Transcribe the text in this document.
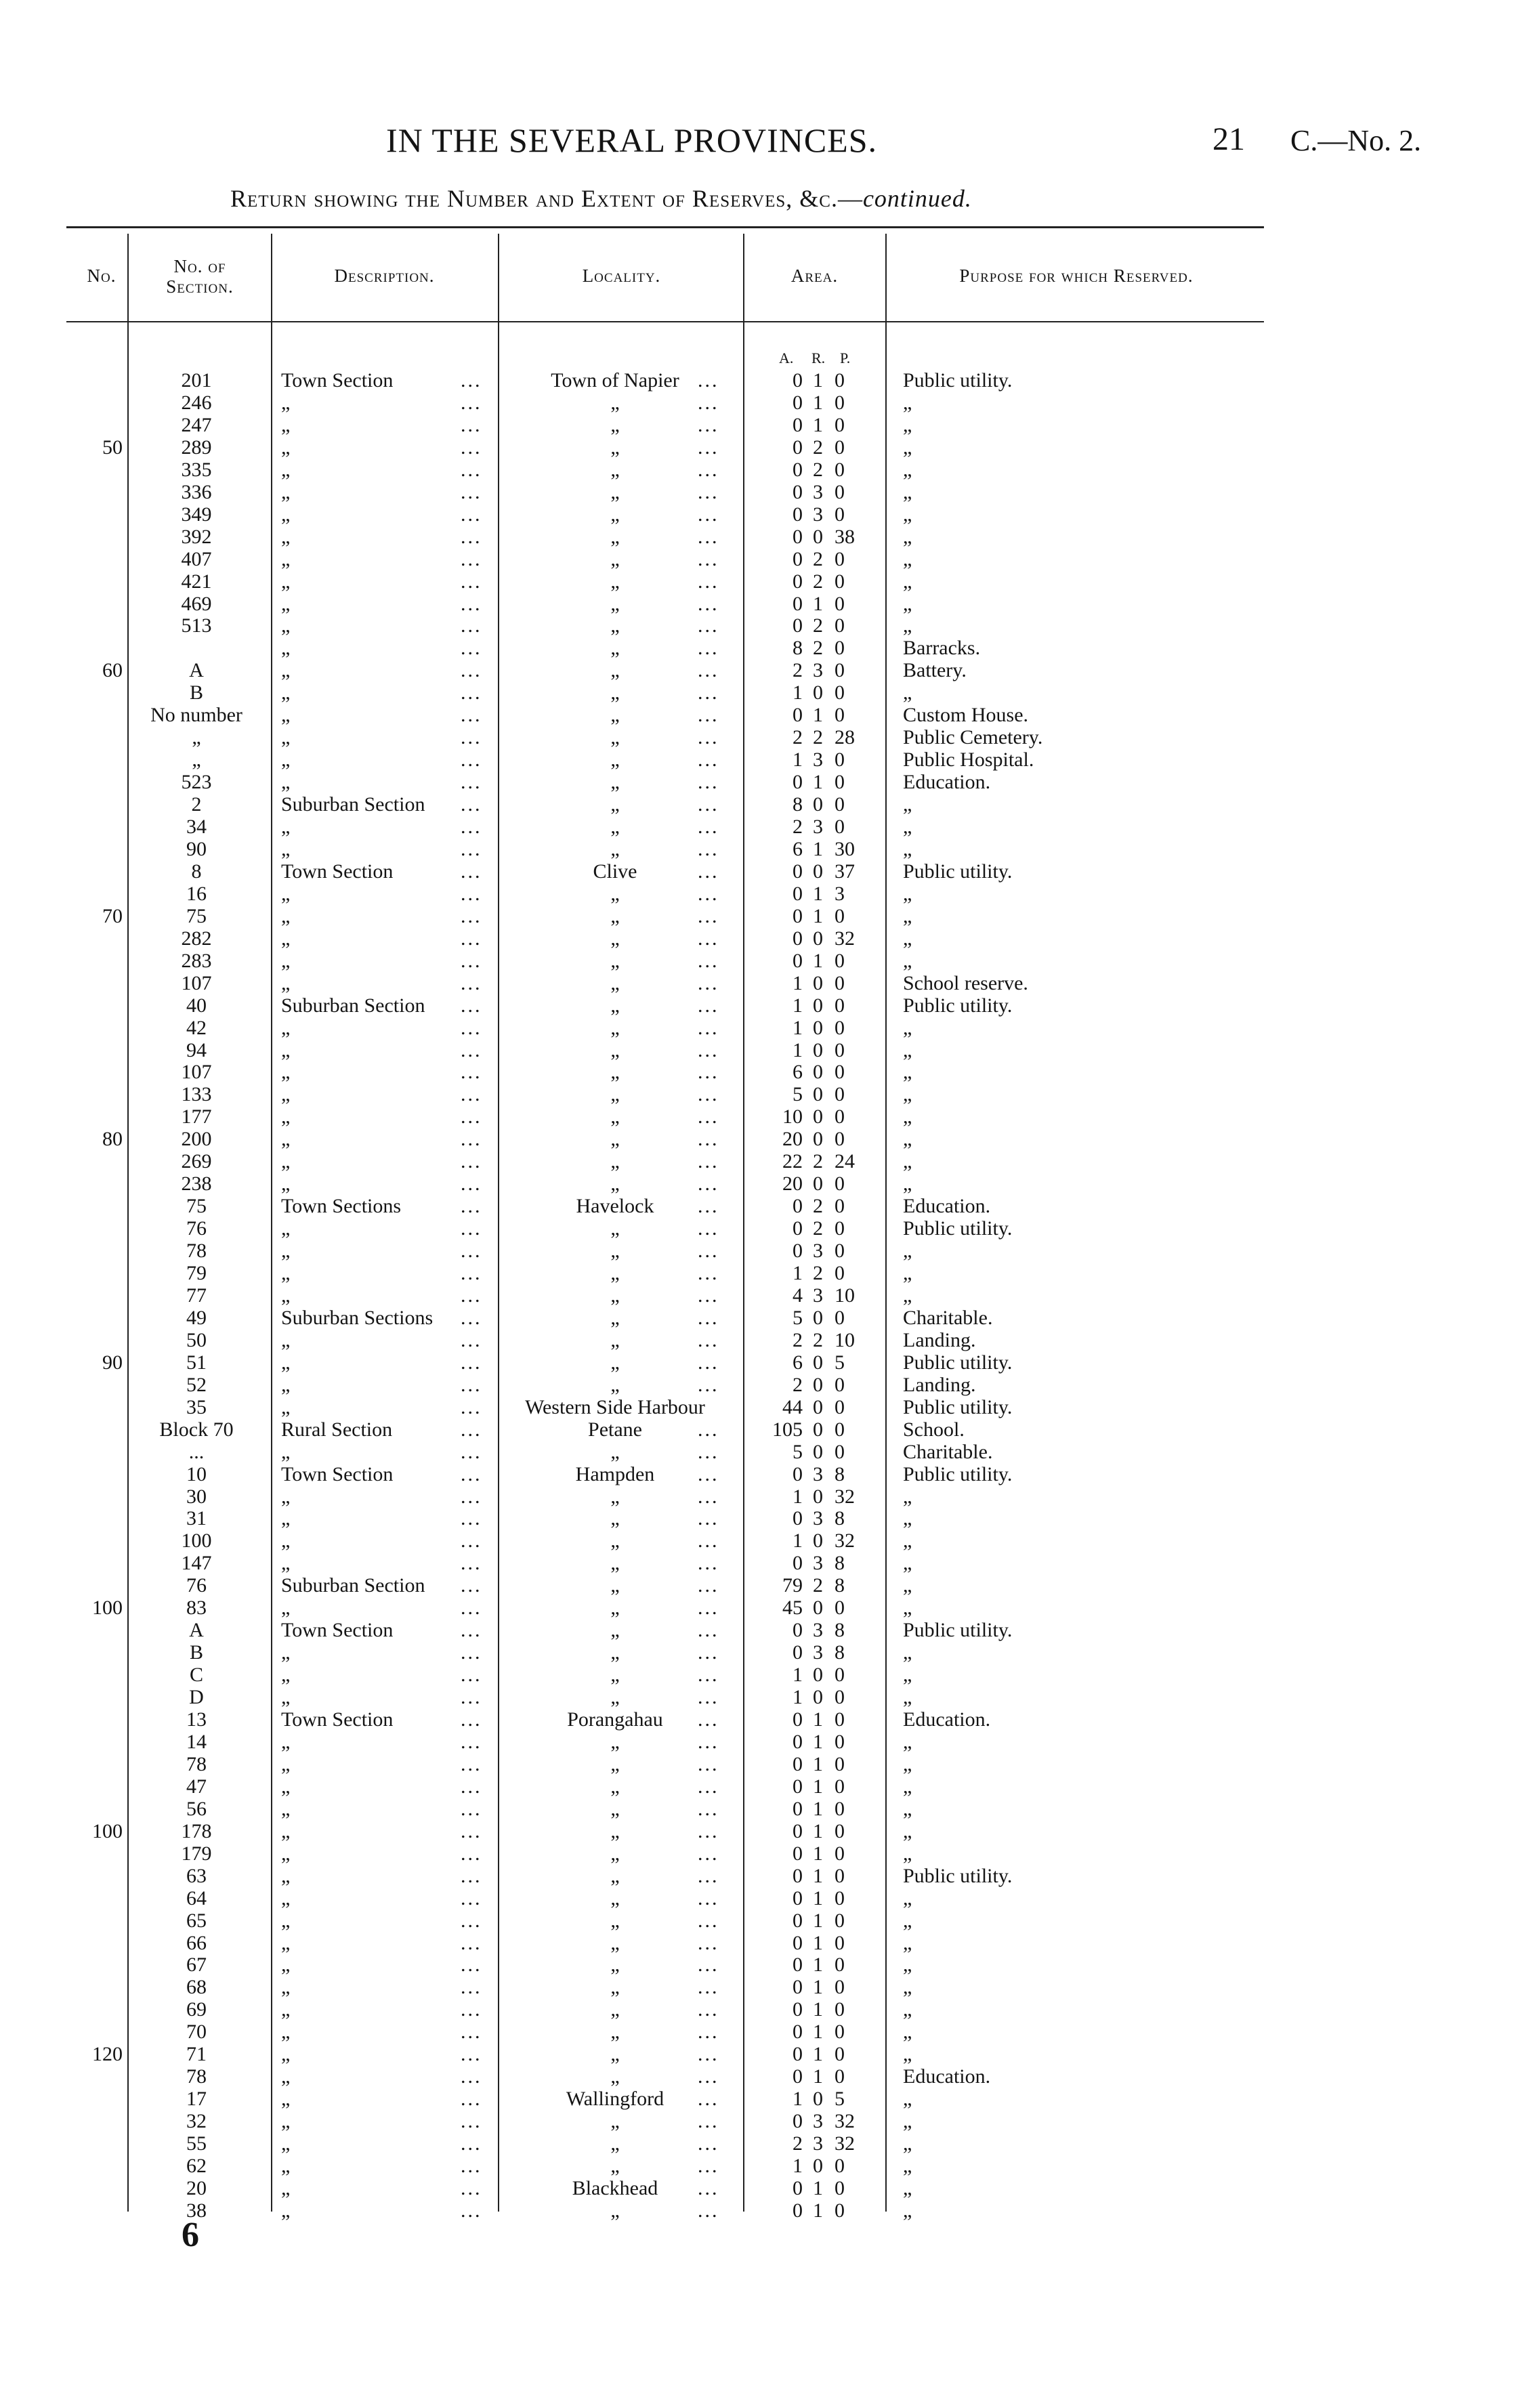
IN THE SEVERAL PROVINCES.	21 C.—No. 2.
Return showing the Number and Extent of Reserves, &c.—continued.
No.	No. of Section.
Description.	Locality.	Area.	Purpose for which Reserved.
A. R. P.
201	Town Section	...	Town of Napier ...	0 1 0	Public utility.
246	„	...	„	...	0 1 0	„
247	„	...	„	...	0 1 0	„
50	289	„	...	„	...	0 2 0	„
335	„	...	„	...	0 2 0	„
336	„	...	„	...	0 3 0	„
349	„	...	„	...	0 3 0	„
392	„	...	„	...	0 0 38	„
407	„	...	„	...	0 2 0	„
421	„	...	„	...	0 2 0	„
469	„	...	„	...	0 1 0	„
513	„	...	„	...	0 2 0	„
„	...	„	...	8 2 0	Barracks.
60	A	„	...	„	...	2 3 0	Battery.
B	„	...	„	...	1 0 0	„
No number	„	...	„	...	0 1 0	Custom House.
„	„	...	„	...	2 2 28	Public Cemetery.
„	„	...	„	...	1 3 0	Public Hospital.
523	„	...	„	...	0 1 0	Education.
2	Suburban Section ...	„	...	8 0 0	„
34	„	...	„	...	2 3 0	„
90	„	...	„	...	6 1 30	„
8	Town Section	...	Clive	...	0 0 37	Public utility.
16	„	...	„	...	0 1 3	„
70	75	„	...	„	...	0 1 0	„
282	„	...	„	...	0 0 32	„
283	„	...	„	...	0 1 0	„
107	„	...	„	...	1 0 0	School reserve.
40	Suburban Section ...	„	...	1 0 0	Public utility.
42	„	...	„	...	1 0 0	„
94	„	...	„	...	1 0 0	„
107	„	...	„	...	6 0 0	„
133	„	...	„	...	5 0 0	„
177	„	...	„	...	10 0 0	„
80	200	„	...	„	...	20 0 0	„
269	„	...	„	...	22 2 24	„
238	„	...	„	...	20 0 0	„
75	Town Sections	...	Havelock	...	0 2 0	Education.
76	„	...	„	...	0 2 0	Public utility.
78	„	...	„	...	0 3 0	„
79	„	...	„	...	1 2 0	„
77	„	...	„	...	4 3 10	„
49	Suburban Sections ...	„	...	5 0 0	Charitable.
50	„	...	„	...	2 2 10	Landing.
90	51	„	...	„	...	6 0 5	Public utility.
52	„	...	„	...	2 0 0	Landing.
35	„	...	Western Side Harbour	44 0 0	Public utility.
Block 70	Rural Section	...	Petane	...	105 0 0	School.
...	„	...	„	...	5 0 0	Charitable.
10	Town Section	...	Hampden	...	0 3 8	Public utility.
30	„	...	„	...	1 0 32	„
31	„	...	„	...	0 3 8	„
100	„	...	„	...	1 0 32	„
147	„	...	„	...	0 3 8	„
76	Suburban Section ...	„	...	79 2 8	„
100	83	„	...	„	...	45 0 0	„
A	Town Section	...	„	...	0 3 8	Public utility.
B	„	...	„	...	0 3 8	„
C	„	...	„	...	1 0 0	„
D	„	...	„	...	1 0 0	„
13	Town Section	...	Porangahau	...	0 1 0	Education.
14	„	...	„	...	0 1 0	„
78	„	...	„	...	0 1 0	„
47	„	...	„	...	0 1 0	„
56	„	...	„	...	0 1 0	„
100	178	„	...	„	...	0 1 0	„
179	„	...	„	...	0 1 0	„
63	„	...	„	...	0 1 0	Public utility.
64	„	...	„	...	0 1 0	„
65	„	...	„	...	0 1 0	„
66	„	...	„	...	0 1 0	„
67	„	...	„	...	0 1 0	„
68	„	...	„	...	0 1 0	„
69	„	...	„	...	0 1 0	„
70	„	...	„	...	0 1 0	„
120	71	„	...	„	...	0 1 0	„
78	„	...	„	...	0 1 0	Education.
17	„	...	Wallingford	...	1 0 5	„
32	„	...	„	...	0 3 32	„
55	„	...	„	...	2 3 32	„
62	„	...	„	...	1 0 0	„
20	„	...	Blackhead	...	0 1 0	„
38	„	...	„	...	0 1 0	„
6
